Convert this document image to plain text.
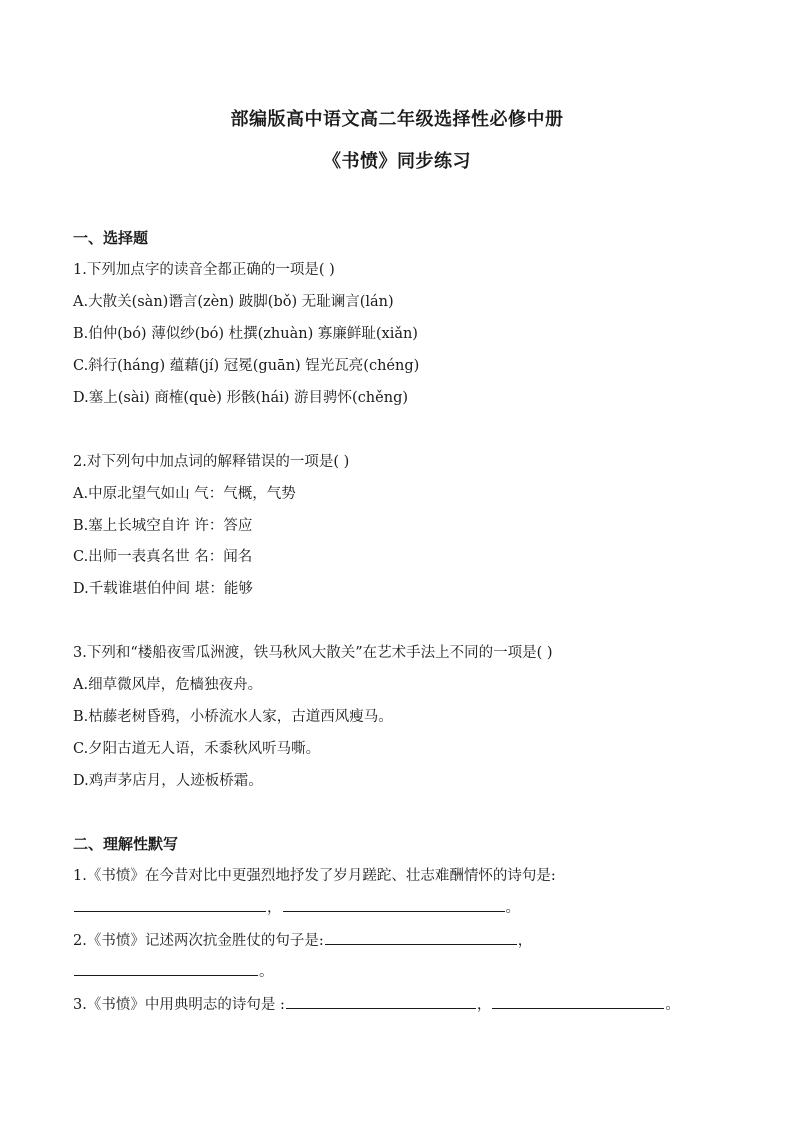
部编版高中语文高二年级选择性必修中册
《书愤》同步练习
一、选择题
1.下列加点字的读音全都正确的一项是( )
A.大散关(sàn)谮言(zèn) 跛脚(bǒ) 无耻谰言(lán)
B.伯仲(bó) 薄似纱(bó) 杜撰(zhuàn) 寡廉鲜耻(xiǎn)
C.斜行(háng) 蕴藉(jí) 冠冕(guān) 锃光瓦亮(chéng)
D.塞上(sài) 商榷(què) 形骸(hái) 游目骋怀(chěng)
2.对下列句中加点词的解释错误的一项是( )
A.中原北望气如山 气：气概，气势
B.塞上长城空自许 许：答应
C.出师一表真名世 名：闻名
D.千载谁堪伯仲间 堪：能够
3.下列和“楼船夜雪瓜洲渡，铁马秋风大散关”在艺术手法上不同的一项是( )
A.细草微风岸，危樯独夜舟。
B.枯藤老树昏鸦，小桥流水人家，古道西风瘦马。
C.夕阳古道无人语，禾黍秋风听马嘶。
D.鸡声茅店月，人迹板桥霜。
二、理解性默写
1.《书愤》在今昔对比中更强烈地抒发了岁月蹉跎、壮志难酬情怀的诗句是:
，	。
2.《书愤》记述两次抗金胜仗的句子是:	，
。
3.《书愤》中用典明志的诗句是 :	，	。
